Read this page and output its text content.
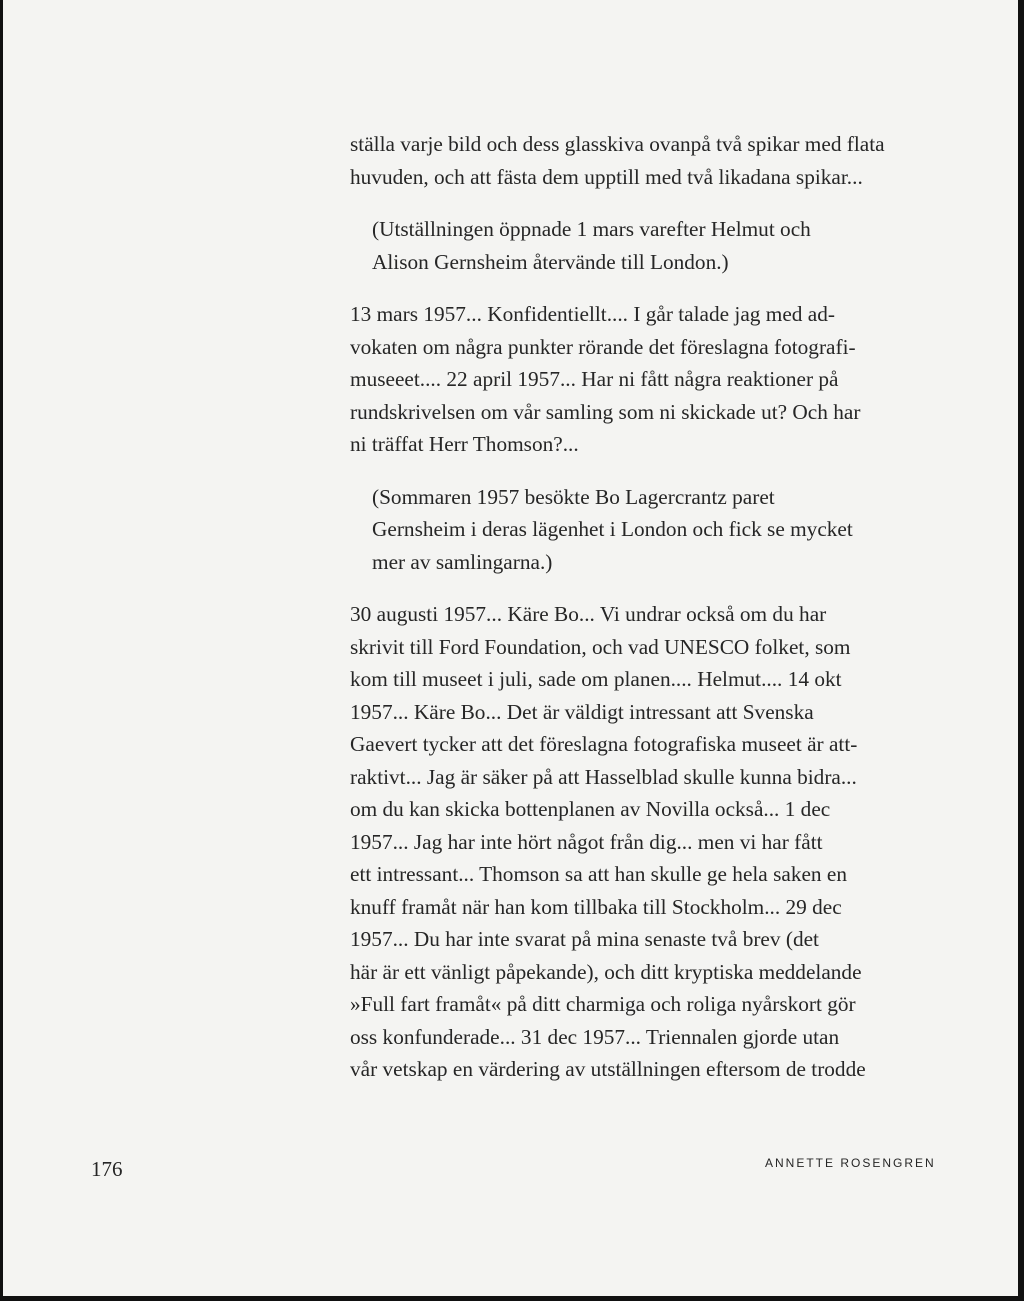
ställa varje bild och dess glasskiva ovanpå två spikar med flata
huvuden, och att fästa dem upptill med två likadana spikar...
(Utställningen öppnade 1 mars varefter Helmut och
Alison Gernsheim återvände till London.)
13 mars 1957... Konfidentiellt.... I går talade jag med ad-
vokaten om några punkter rörande det föreslagna fotografi-
museeet.... 22 april 1957... Har ni fått några reaktioner på
rundskrivelsen om vår samling som ni skickade ut? Och har
ni träffat Herr Thomson?...
(Sommaren 1957 besökte Bo Lagercrantz paret
Gernsheim i deras lägenhet i London och fick se mycket
mer av samlingarna.)
30 augusti 1957... Käre Bo... Vi undrar också om du har
skrivit till Ford Foundation, och vad UNESCO folket, som
kom till museet i juli, sade om planen.... Helmut.... 14 okt
1957... Käre Bo... Det är väldigt intressant att Svenska
Gaevert tycker att det föreslagna fotografiska museet är att-
raktivt... Jag är säker på att Hasselblad skulle kunna bidra...
om du kan skicka bottenplanen av Novilla också... 1 dec
1957... Jag har inte hört något från dig... men vi har fått
ett intressant... Thomson sa att han skulle ge hela saken en
knuff framåt när han kom tillbaka till Stockholm... 29 dec
1957... Du har inte svarat på mina senaste två brev (det
här är ett vänligt påpekande), och ditt kryptiska meddelande
»Full fart framåt« på ditt charmiga och roliga nyårskort gör
oss konfunderade... 31 dec 1957... Triennalen gjorde utan
vår vetskap en värdering av utställningen eftersom de trodde
176	ANNETTE ROSENGREN
